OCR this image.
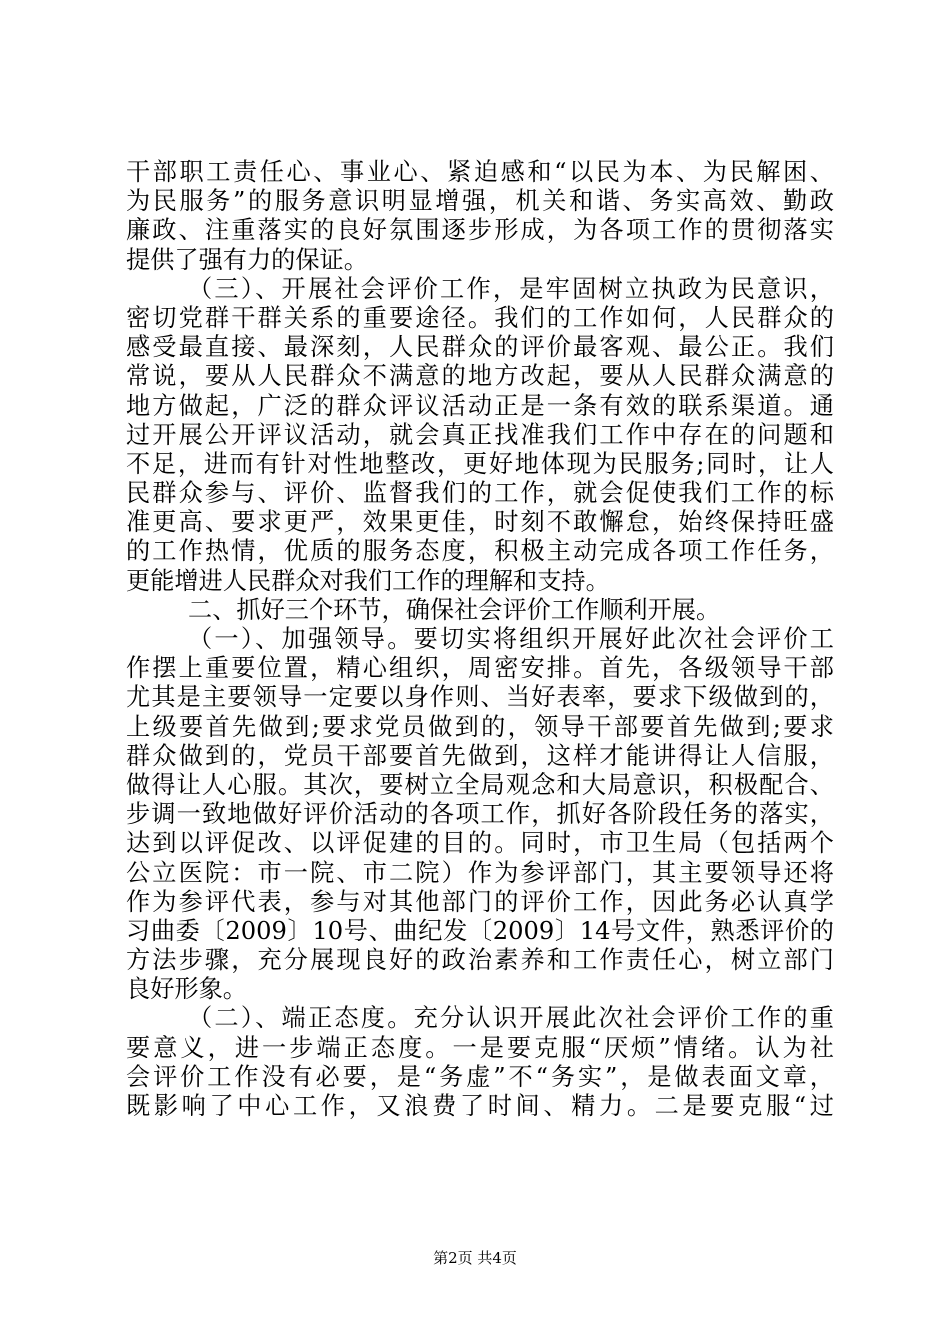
干部职工责任心、事业心、紧迫感和“以民为本、为民解困、
为民服务”的服务意识明显增强，机关和谐、务实高效、勤政
廉政、注重落实的良好氛围逐步形成，为各项工作的贯彻落实
提供了强有力的保证。
（三）、开展社会评价工作，是牢固树立执政为民意识，
密切党群干群关系的重要途径。我们的工作如何，人民群众的
感受最直接、最深刻，人民群众的评价最客观、最公正。我们
常说，要从人民群众不满意的地方改起，要从人民群众满意的
地方做起，广泛的群众评议活动正是一条有效的联系渠道。通
过开展公开评议活动，就会真正找准我们工作中存在的问题和
不足，进而有针对性地整改，更好地体现为民服务;同时，让人
民群众参与、评价、监督我们的工作，就会促使我们工作的标
准更高、要求更严，效果更佳，时刻不敢懈怠，始终保持旺盛
的工作热情，优质的服务态度，积极主动完成各项工作任务，
更能增进人民群众对我们工作的理解和支持。
二、抓好三个环节，确保社会评价工作顺利开展。
（一）、加强领导。要切实将组织开展好此次社会评价工
作摆上重要位置，精心组织，周密安排。首先，各级领导干部
尤其是主要领导一定要以身作则、当好表率，要求下级做到的，
上级要首先做到;要求党员做到的，领导干部要首先做到;要求
群众做到的，党员干部要首先做到，这样才能讲得让人信服，
做得让人心服。其次，要树立全局观念和大局意识，积极配合、
步调一致地做好评价活动的各项工作，抓好各阶段任务的落实，
达到以评促改、以评促建的目的。同时，市卫生局（包括两个
公立医院：市一院、市二院）作为参评部门，其主要领导还将
作为参评代表，参与对其他部门的评价工作，因此务必认真学
习曲委〔2009〕10号、曲纪发〔2009〕14号文件，熟悉评价的
方法步骤，充分展现良好的政治素养和工作责任心，树立部门
良好形象。
（二）、端正态度。充分认识开展此次社会评价工作的重
要意义，进一步端正态度。一是要克服“厌烦”情绪。认为社
会评价工作没有必要，是“务虚”不“务实”，是做表面文章，
既影响了中心工作，又浪费了时间、精力。二是要克服“过
第2页 共4页
